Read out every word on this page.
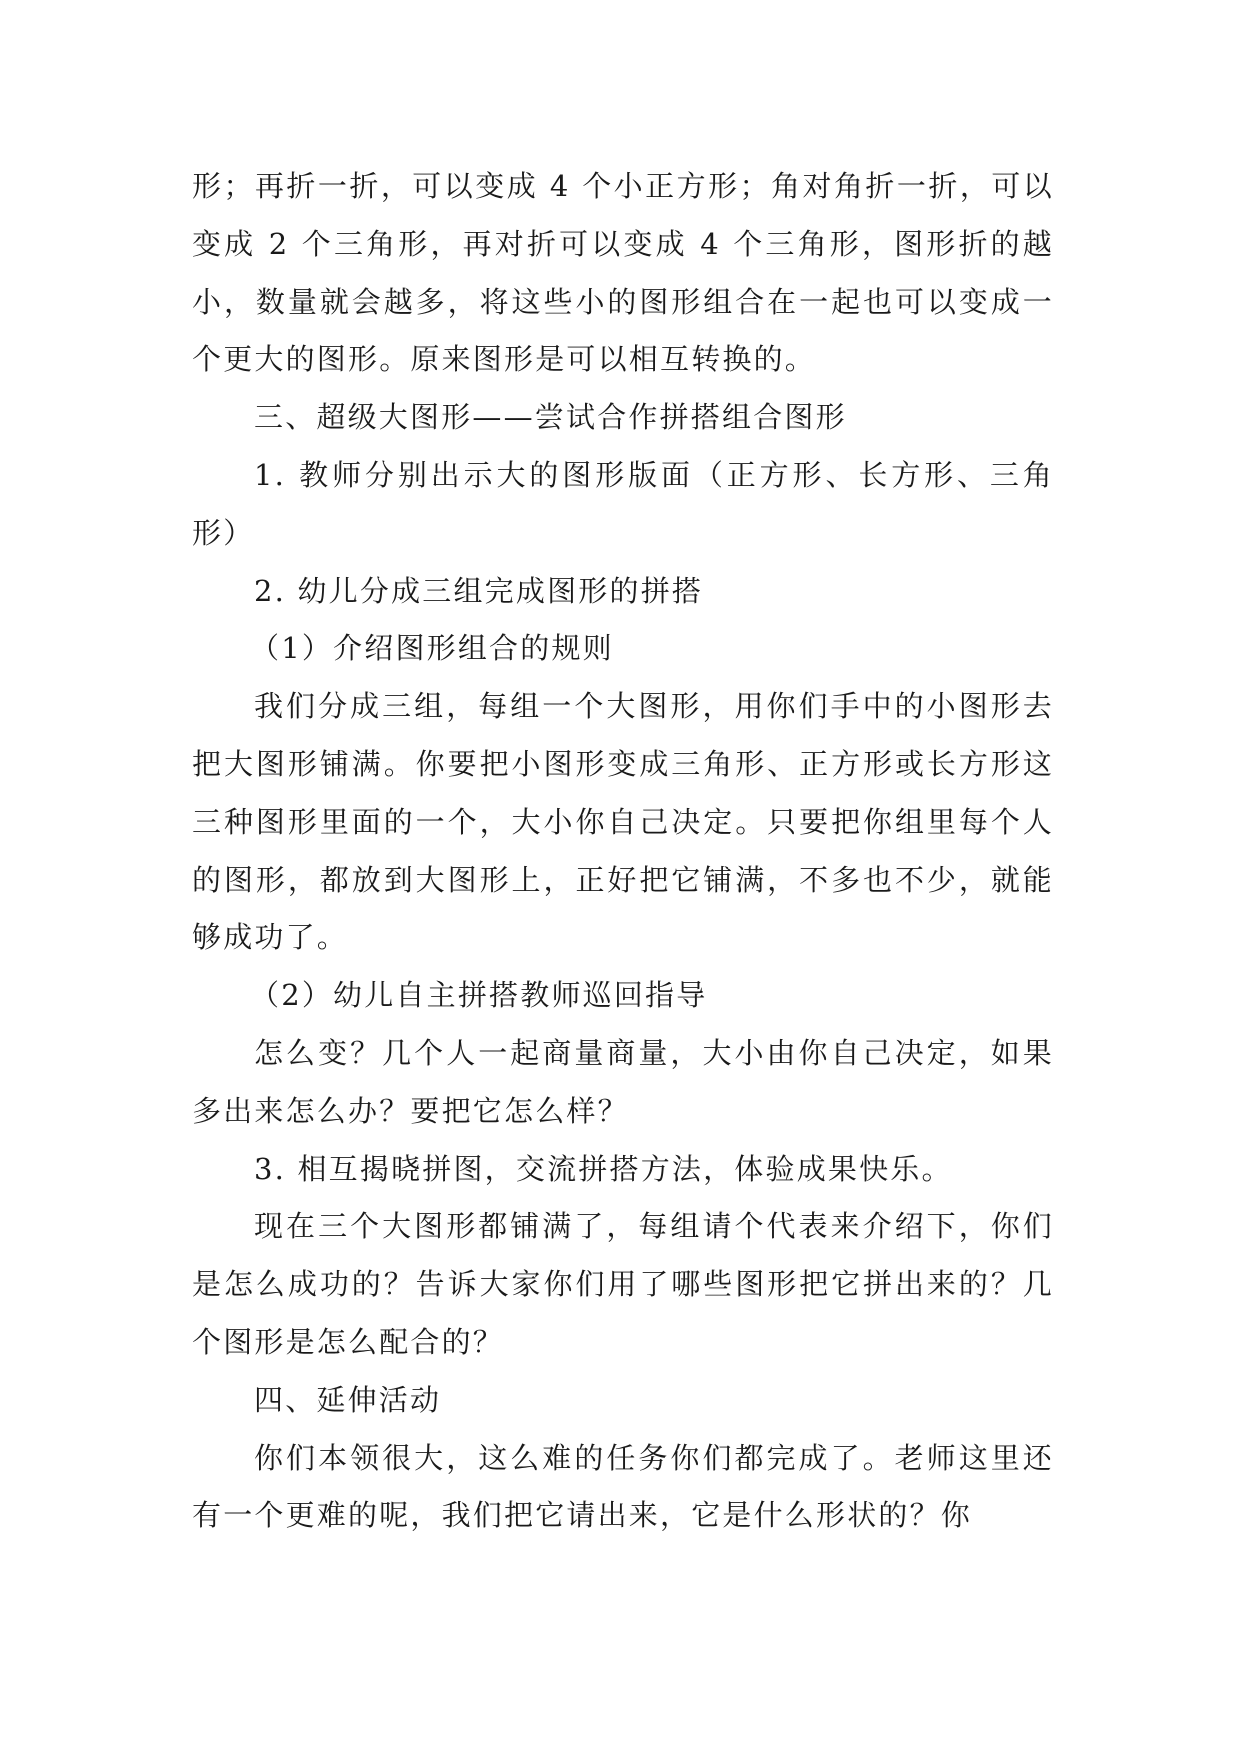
形；再折一折，可以变成 4 个小正方形；角对角折一折，可以变成 2 个三角形，再对折可以变成 4 个三角形，图形折的越小，数量就会越多，将这些小的图形组合在一起也可以变成一个更大的图形。原来图形是可以相互转换的。

三、超级大图形——尝试合作拼搭组合图形

1. 教师分别出示大的图形版面（正方形、长方形、三角形）

2. 幼儿分成三组完成图形的拼搭

（1）介绍图形组合的规则

我们分成三组，每组一个大图形，用你们手中的小图形去把大图形铺满。你要把小图形变成三角形、正方形或长方形这三种图形里面的一个，大小你自己决定。只要把你组里每个人的图形，都放到大图形上，正好把它铺满，不多也不少，就能够成功了。

（2）幼儿自主拼搭教师巡回指导

怎么变？几个人一起商量商量，大小由你自己决定，如果多出来怎么办？要把它怎么样？

3. 相互揭晓拼图，交流拼搭方法，体验成果快乐。

现在三个大图形都铺满了，每组请个代表来介绍下，你们是怎么成功的？告诉大家你们用了哪些图形把它拼出来的？几个图形是怎么配合的？

四、延伸活动

你们本领很大，这么难的任务你们都完成了。老师这里还有一个更难的呢，我们把它请出来，它是什么形状的？你
